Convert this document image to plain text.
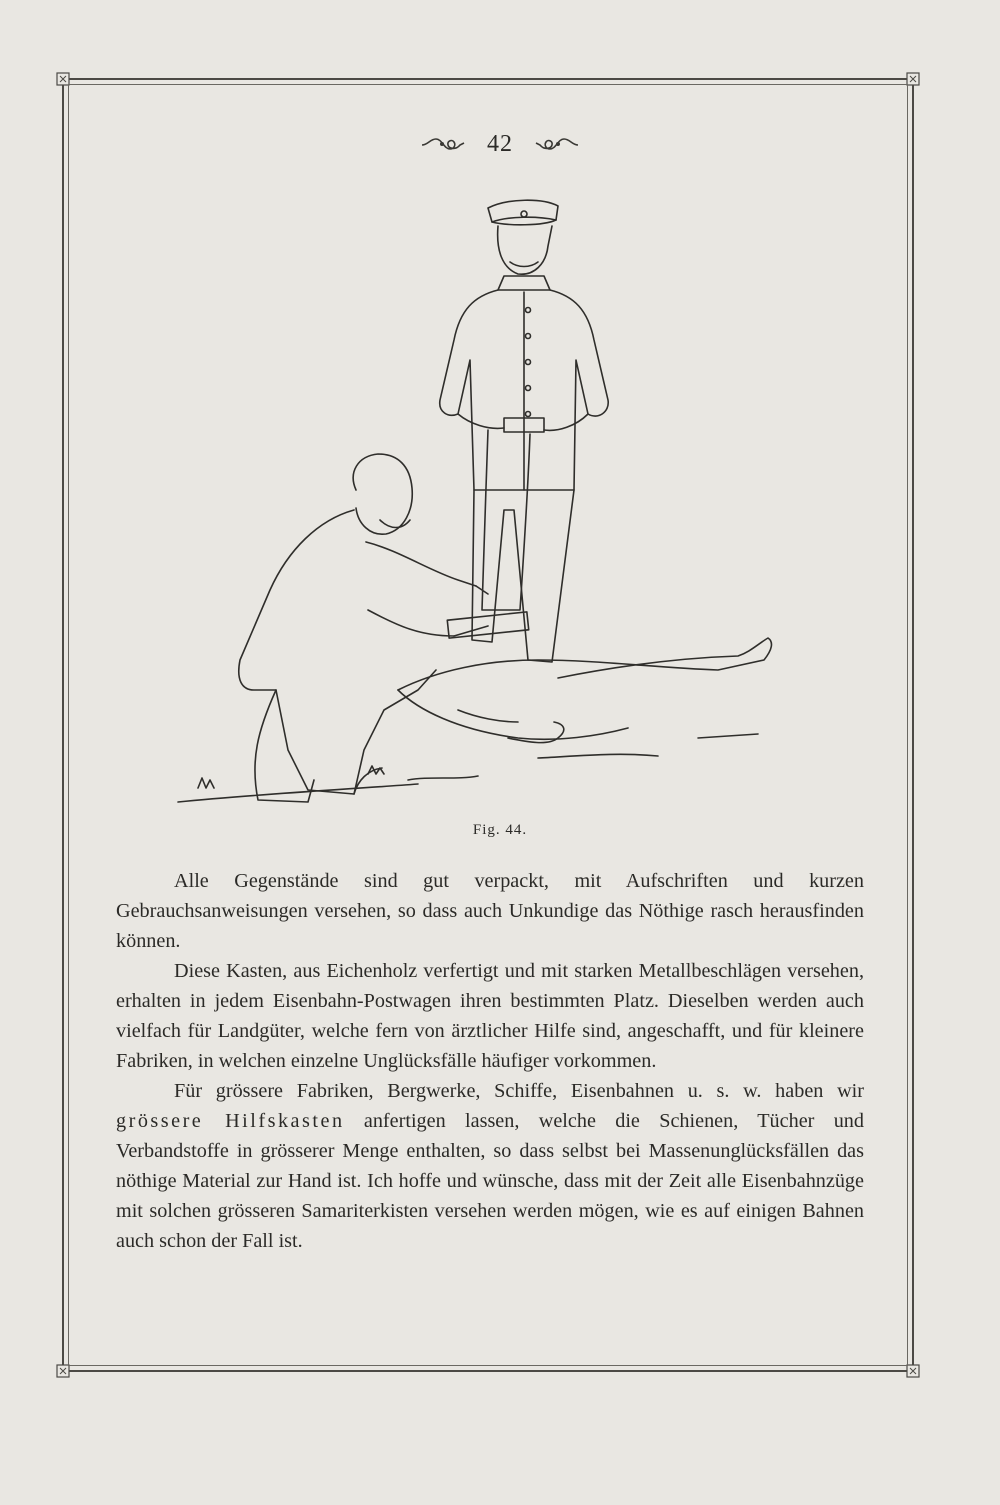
42
Fig. 44.

Alle Gegenstände sind gut verpackt, mit Aufschriften und kurzen Gebrauchsanweisungen versehen, so dass auch Unkundige das Nöthige rasch herausfinden können.

Diese Kasten, aus Eichenholz verfertigt und mit starken Metallbeschlägen versehen, erhalten in jedem Eisenbahn-Postwagen ihren bestimmten Platz. Dieselben werden auch vielfach für Landgüter, welche fern von ärztlicher Hilfe sind, angeschafft, und für kleinere Fabriken, in welchen einzelne Unglücksfälle häufiger vorkommen.

Für grössere Fabriken, Bergwerke, Schiffe, Eisenbahnen u. s. w. haben wir grössere Hilfskasten anfertigen lassen, welche die Schienen, Tücher und Verbandstoffe in grösserer Menge enthalten, so dass selbst bei Massenunglücksfällen das nöthige Material zur Hand ist. Ich hoffe und wünsche, dass mit der Zeit alle Eisenbahnzüge mit solchen grösseren Samariterkisten versehen werden mögen, wie es auf einigen Bahnen auch schon der Fall ist.
